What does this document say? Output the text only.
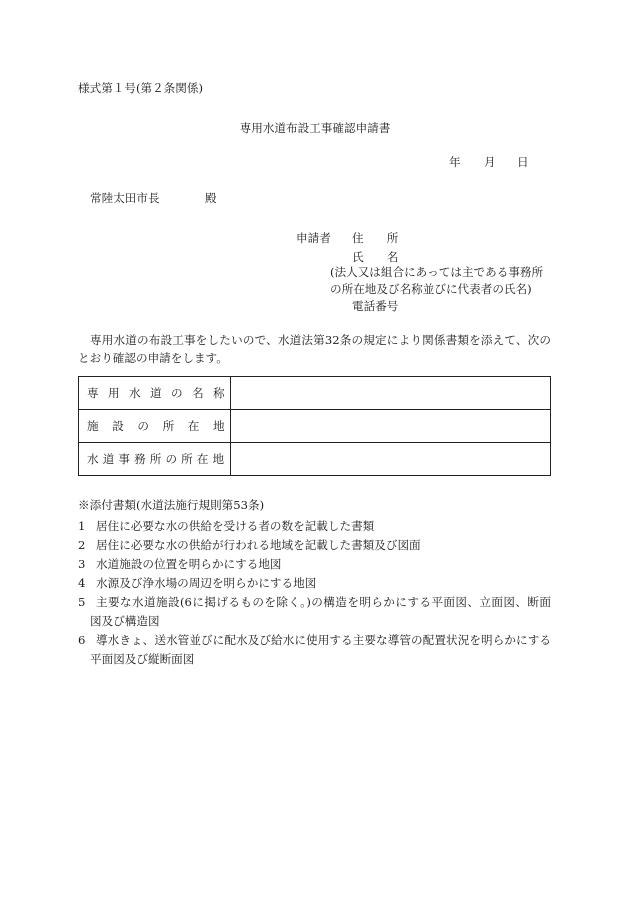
様式第１号(第２条関係)
専用水道布設工事確認申請書
年 月 日
常陸太田市長	殿
申請者 住　　所
氏　　名
(法人又は組合にあっては主である事務所
の所在地及び名称並びに代表者の氏名)
電話番号
専用水道の布設工事をしたいので、水道法第32条の規定により関係書類を添えて、次の
とおり確認の申請をします。
専用水道の名称	
施設の所在地	
水道事務所の所在地	
※添付書類(水道法施行規則第53条)
1 居住に必要な水の供給を受ける者の数を記載した書類
2 居住に必要な水の供給が行われる地域を記載した書類及び図面
3 水道施設の位置を明らかにする地図
4 水源及び浄水場の周辺を明らかにする地図
5 主要な水道施設(6に掲げるものを除く。)の構造を明らかにする平面図、立面図、断面
図及び構造図
6 導水きょ、送水管並びに配水及び給水に使用する主要な導管の配置状況を明らかにする
平面図及び縦断面図
